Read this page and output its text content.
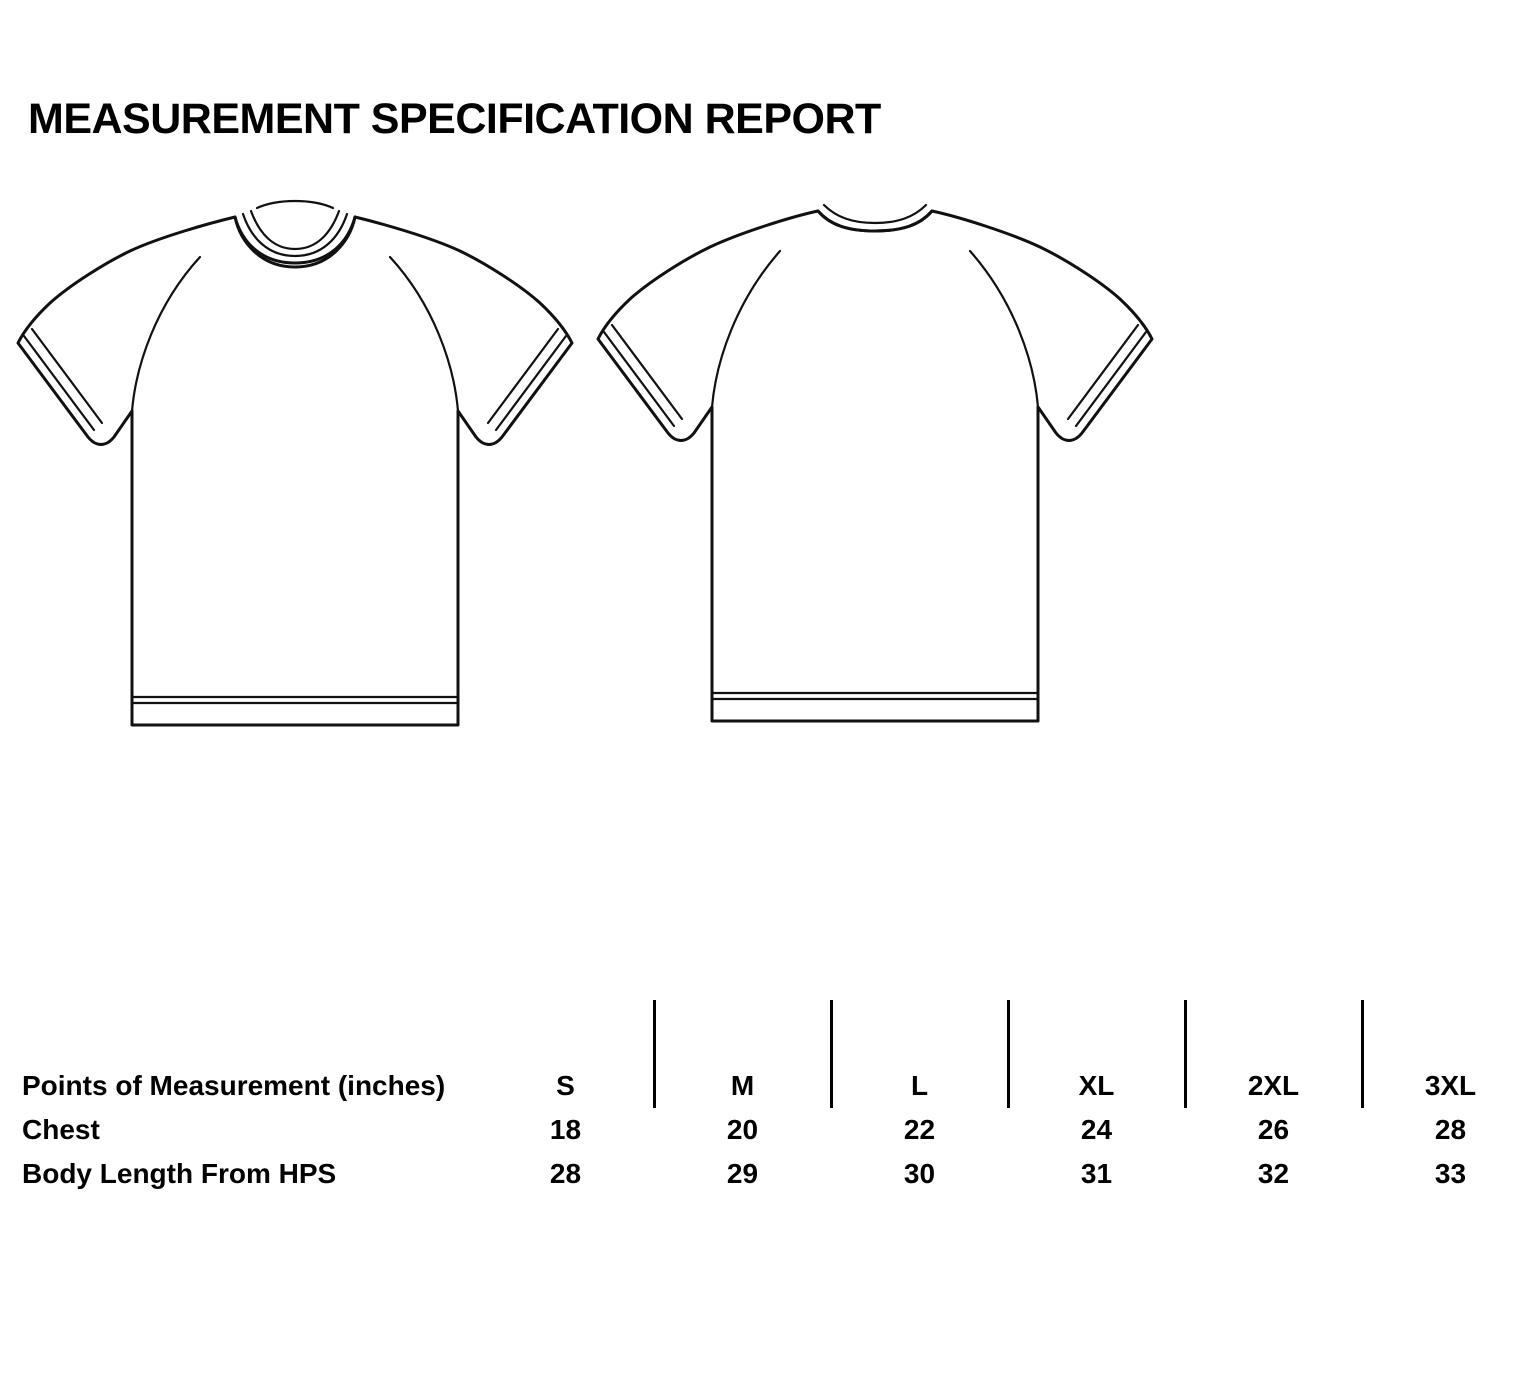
MEASUREMENT SPECIFICATION REPORT
Points of Measurement (inches)	S		M		L		XL		2XL		3XL
Chest	18		20		22		24		26		28
Body Length From HPS	28		29		30		31		32		33
